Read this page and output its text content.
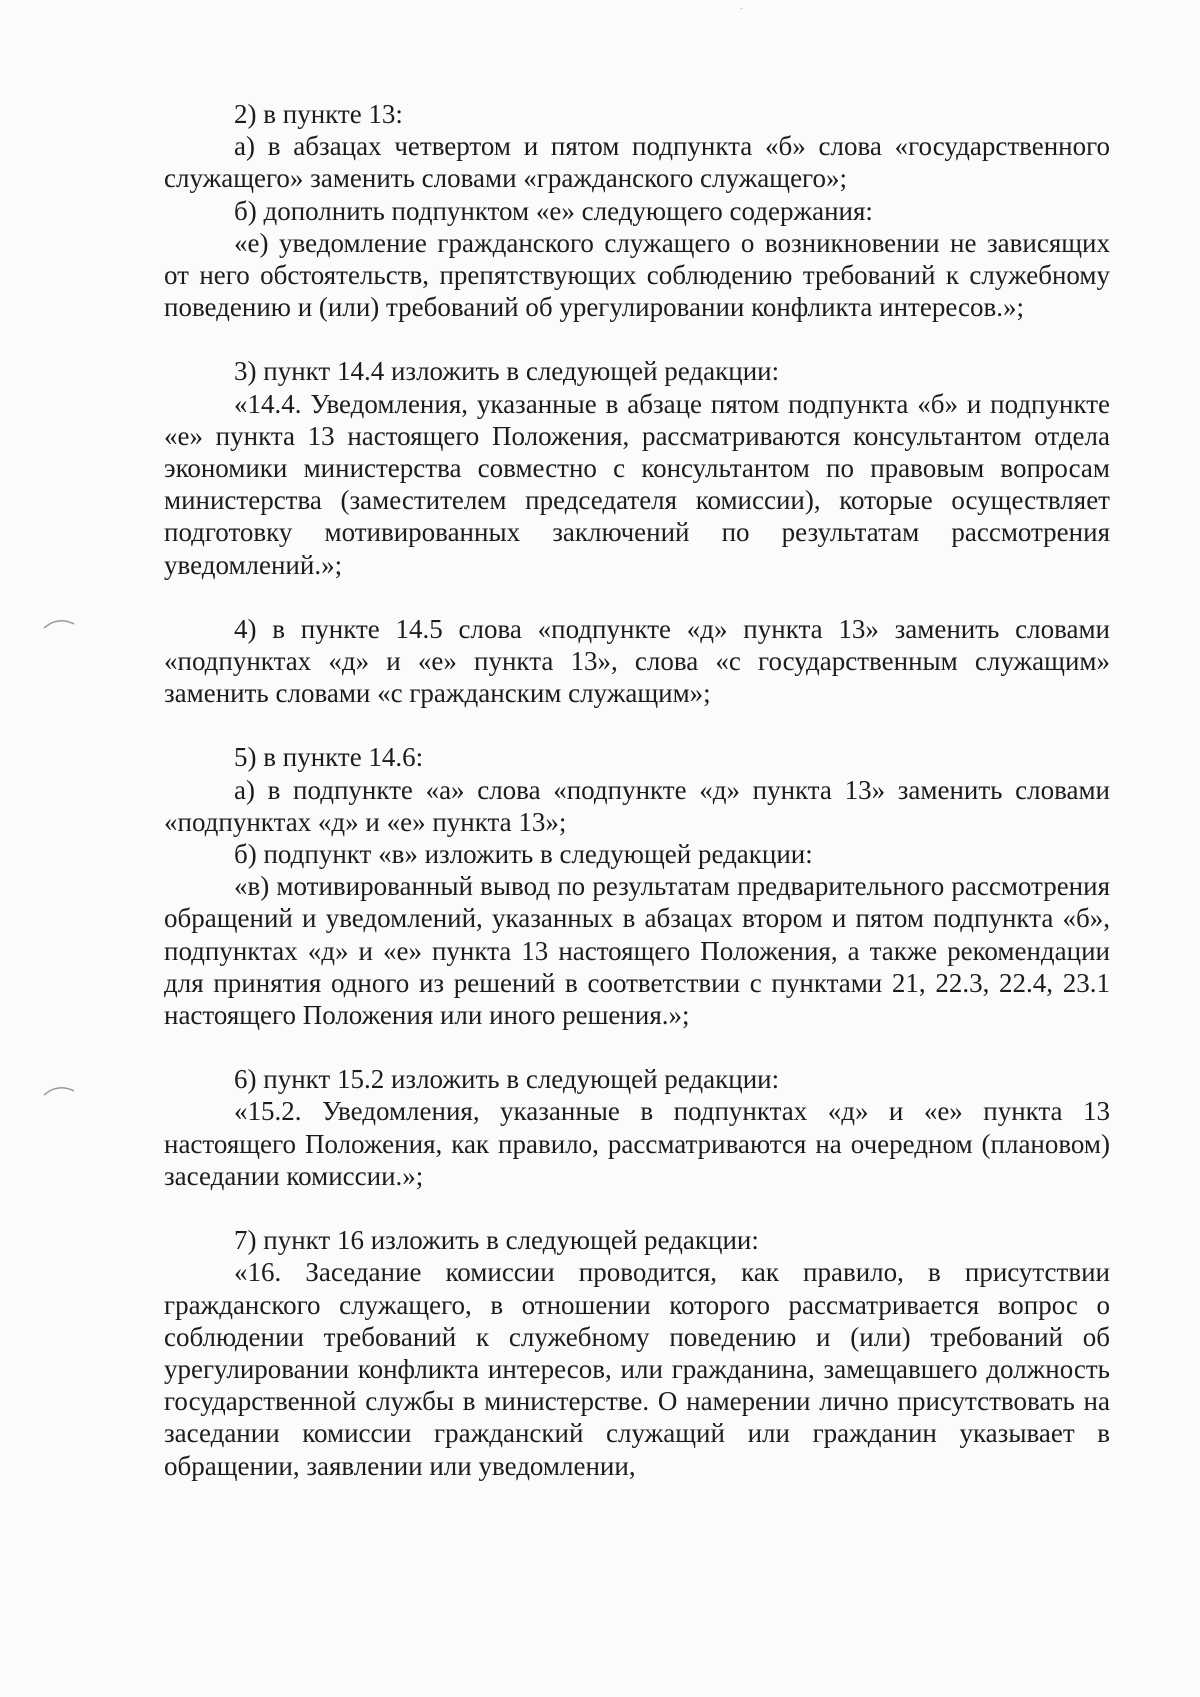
2) в пункте 13:

а) в абзацах четвертом и пятом подпункта «б» слова «государственного служащего» заменить словами «гражданского служащего»;

б) дополнить подпунктом «е» следующего содержания:

«е) уведомление гражданского служащего о возникновении не зависящих от него обстоятельств, препятствующих соблюдению требований к служебному поведению и (или) требований об урегулировании конфликта интересов.»;

3) пункт 14.4 изложить в следующей редакции:

«14.4. Уведомления, указанные в абзаце пятом подпункта «б» и подпункте «е» пункта 13 настоящего Положения, рассматриваются консультантом отдела экономики министерства совместно с консультантом по правовым вопросам министерства (заместителем председателя комиссии), которые осуществляет подготовку мотивированных заключений по результатам рассмотрения уведомлений.»;

4) в пункте 14.5 слова «подпункте «д» пункта 13» заменить словами «подпунктах «д» и «е» пункта 13», слова «с государственным служащим» заменить словами «с гражданским служащим»;

5) в пункте 14.6:

а) в подпункте «а» слова «подпункте «д» пункта 13» заменить словами «подпунктах «д» и «е» пункта 13»;

б) подпункт «в» изложить в следующей редакции:

«в) мотивированный вывод по результатам предварительного рассмотрения обращений и уведомлений, указанных в абзацах втором и пятом подпункта «б», подпунктах «д» и «е» пункта 13 настоящего Положения, а также рекомендации для принятия одного из решений в соответствии с пунктами 21, 22.3, 22.4, 23.1 настоящего Положения или иного решения.»;

6) пункт 15.2 изложить в следующей редакции:

«15.2. Уведомления, указанные в подпунктах «д» и «е» пункта 13 настоящего Положения, как правило, рассматриваются на очередном (плановом) заседании комиссии.»;

7) пункт 16 изложить в следующей редакции:

«16. Заседание комиссии проводится, как правило, в присутствии гражданского служащего, в отношении которого рассматривается вопрос о соблюдении требований к служебному поведению и (или) требований об урегулировании конфликта интересов, или гражданина, замещавшего должность государственной службы в министерстве. О намерении лично присутствовать на заседании комиссии гражданский служащий или гражданин указывает в обращении, заявлении или уведомлении,
